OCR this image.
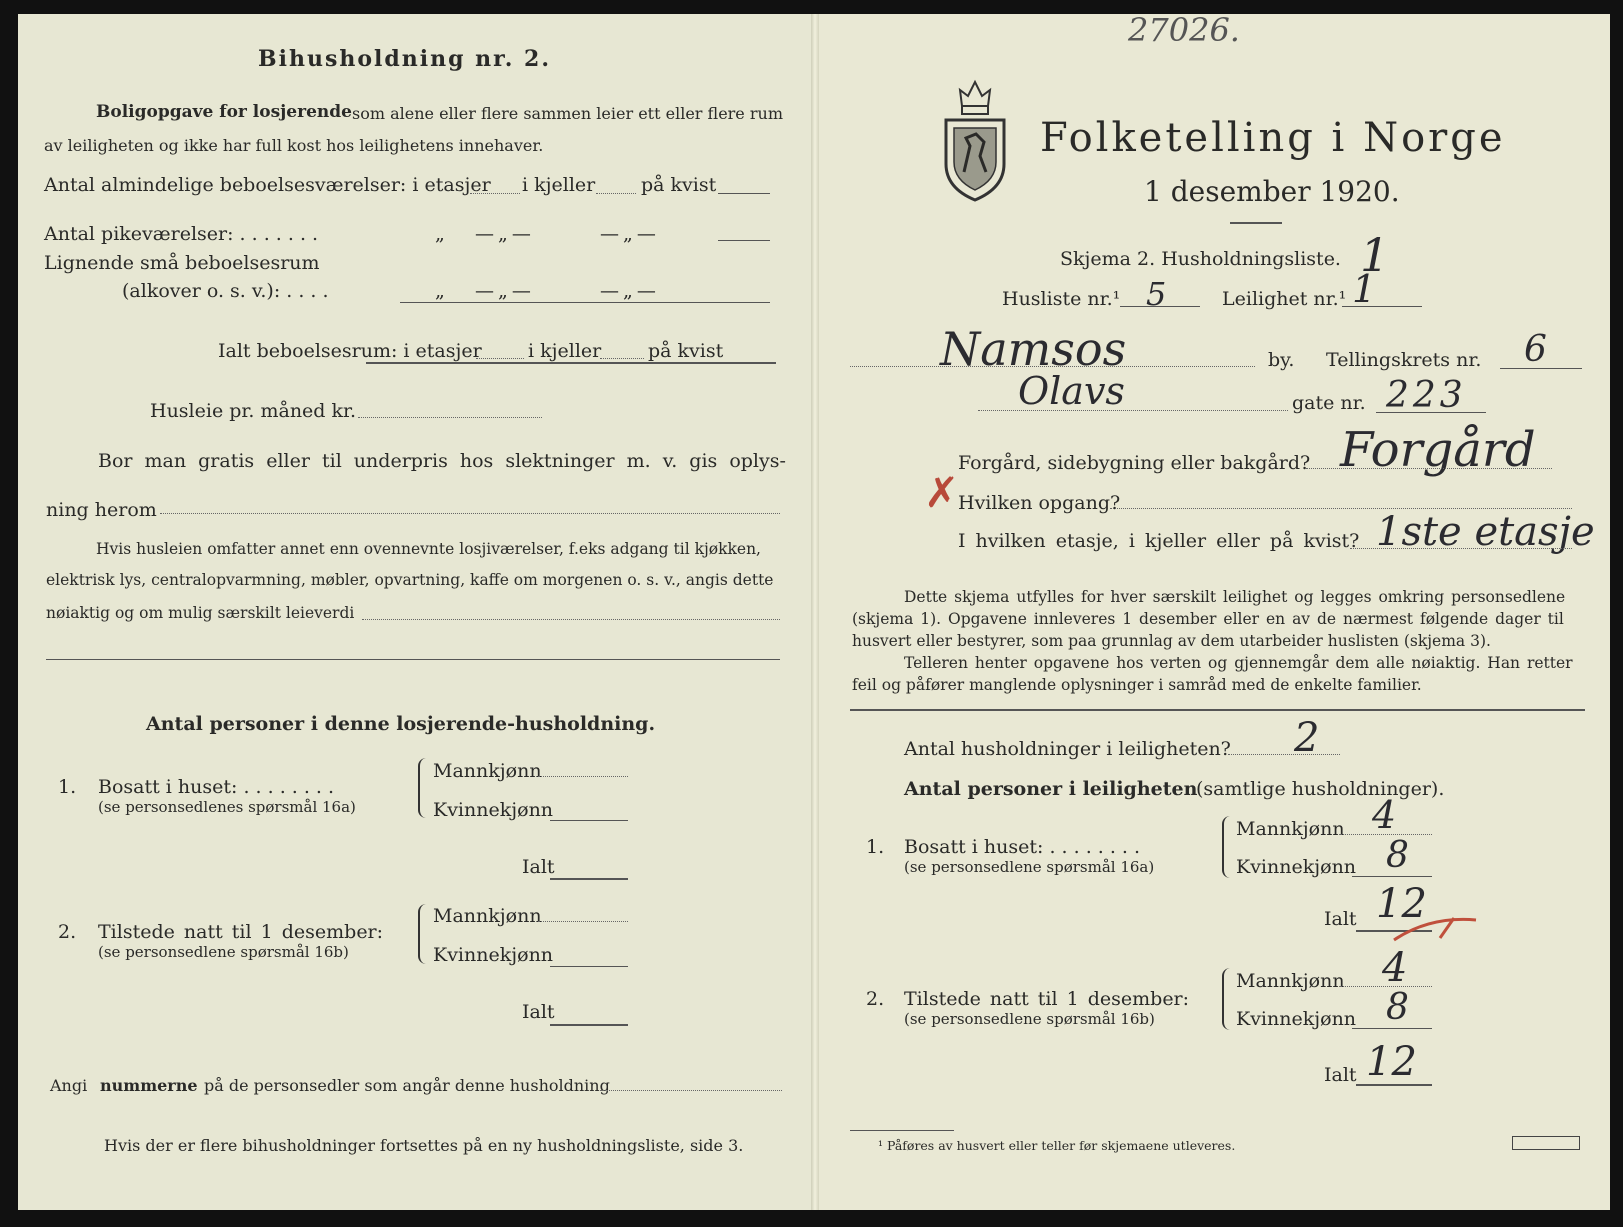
Bihusholdning nr. 2.
Boligopgave for losjerende som alene eller flere sammen leier ett eller flere rum
av leiligheten og ikke har full kost hos leilighetens innehaver.
Antal almindelige beboelsesværelser: i etasjer i kjeller på kvist
Antal pikeværelser: . . . . . . .	„ —„—	—„—
Lignende små beboelsesrum
(alkover o. s. v.): . . . .	„ —„—	—„—
Ialt beboelsesrum: i etasjer i kjeller på kvist
Husleie pr. måned kr.
Bor man gratis eller til underpris hos slektninger m. v. gis oplys-
ning herom
Hvis husleien omfatter annet enn ovennevnte losjiværelser, f.eks adgang til kjøkken,
elektrisk lys, centralopvarmning, møbler, opvartning, kaffe om morgenen o. s. v., angis dette
nøiaktig og om mulig særskilt leieverdi
Antal personer i denne losjerende-husholdning.
1. Bosatt i huset: . . . . . . . .
(se personsedlenes spørsmål 16a)
Mannkjønn
Kvinnekjønn
Ialt
2. Tilstede natt til 1 desember:
(se personsedlene spørsmål 16b)
Mannkjønn
Kvinnekjønn
Ialt
Angi nummerne på de personsedler som angår denne husholdning
Hvis der er flere bihusholdninger fortsettes på en ny husholdningsliste, side 3.
27026.
Folketelling i Norge
1 desember 1920.
Skjema 2. Husholdningsliste. 1
Husliste nr.¹ 5	Leilighet nr.¹ 1
Namsos	by. Tellingskrets nr. 6
Olavs	gate nr. 223
Forgård, sidebygning eller bakgård? Forgård
✗
Hvilken opgang?
I hvilken etasje, i kjeller eller på kvist? 1ste etasje
Dette skjema utfylles for hver særskilt leilighet og legges omkring personsedlene
(skjema 1). Opgavene innleveres 1 desember eller en av de nærmest følgende dager til
husvert eller bestyrer, som paa grunnlag av dem utarbeider huslisten (skjema 3).
Telleren henter opgavene hos verten og gjennemgår dem alle nøiaktig. Han retter
feil og påfører manglende oplysninger i samråd med de enkelte familier.
Antal husholdninger i leiligheten? 2
Antal personer i leiligheten
(samtlige husholdninger).
1. Bosatt i huset: . . . . . . . .
(se personsedlene spørsmål 16a)
Mannkjønn 4
Kvinnekjønn 8
Ialt 12
2. Tilstede natt til 1 desember:
(se personsedlene spørsmål 16b)
Mannkjønn 4
Kvinnekjønn 8
Ialt 12
¹ Påføres av husvert eller teller før skjemaene utleveres.
